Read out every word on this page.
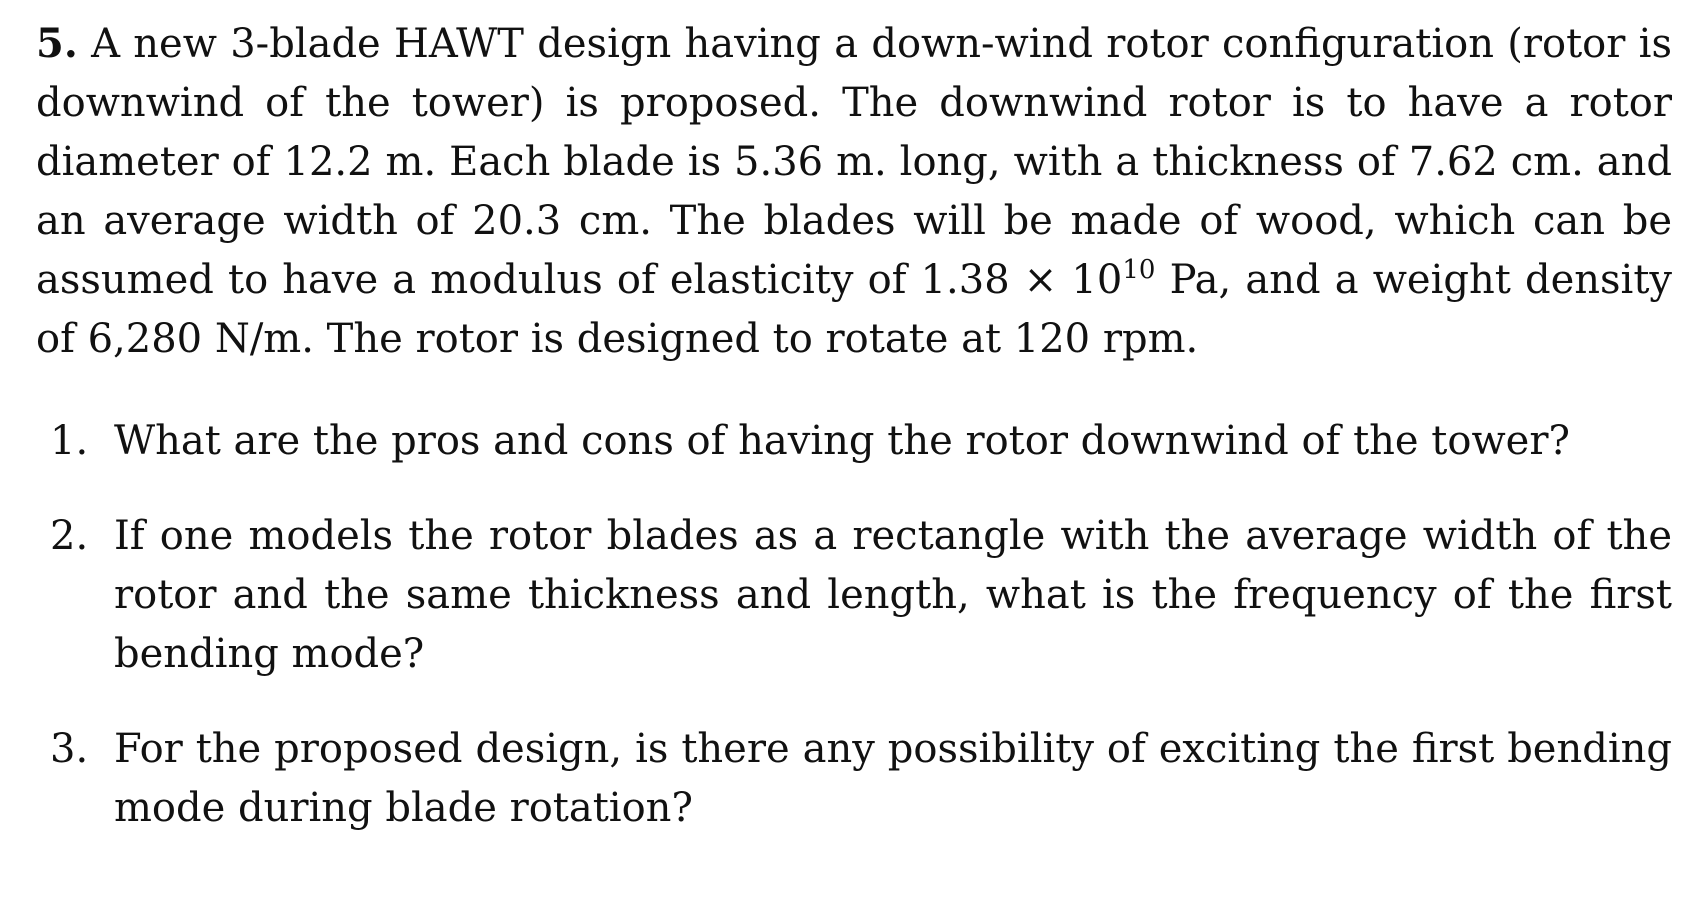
5. A new 3-blade HAWT design having a down-wind rotor configuration (rotor is downwind of the tower) is proposed. The downwind rotor is to have a rotor diameter of 12.2 m. Each blade is 5.36 m. long, with a thickness of 7.62 cm. and an average width of 20.3 cm. The blades will be made of wood, which can be assumed to have a modulus of elasticity of $1.38 \times 10^{10}$ Pa, and a weight density of 6,280 N/m. The rotor is designed to rotate at 120 rpm.

1. What are the pros and cons of having the rotor downwind of the tower?
2. If one models the rotor blades as a rectangle with the average width of the rotor and the same thickness and length, what is the frequency of the first bending mode?
3. For the proposed design, is there any possibility of exciting the first bending mode during blade rotation?
